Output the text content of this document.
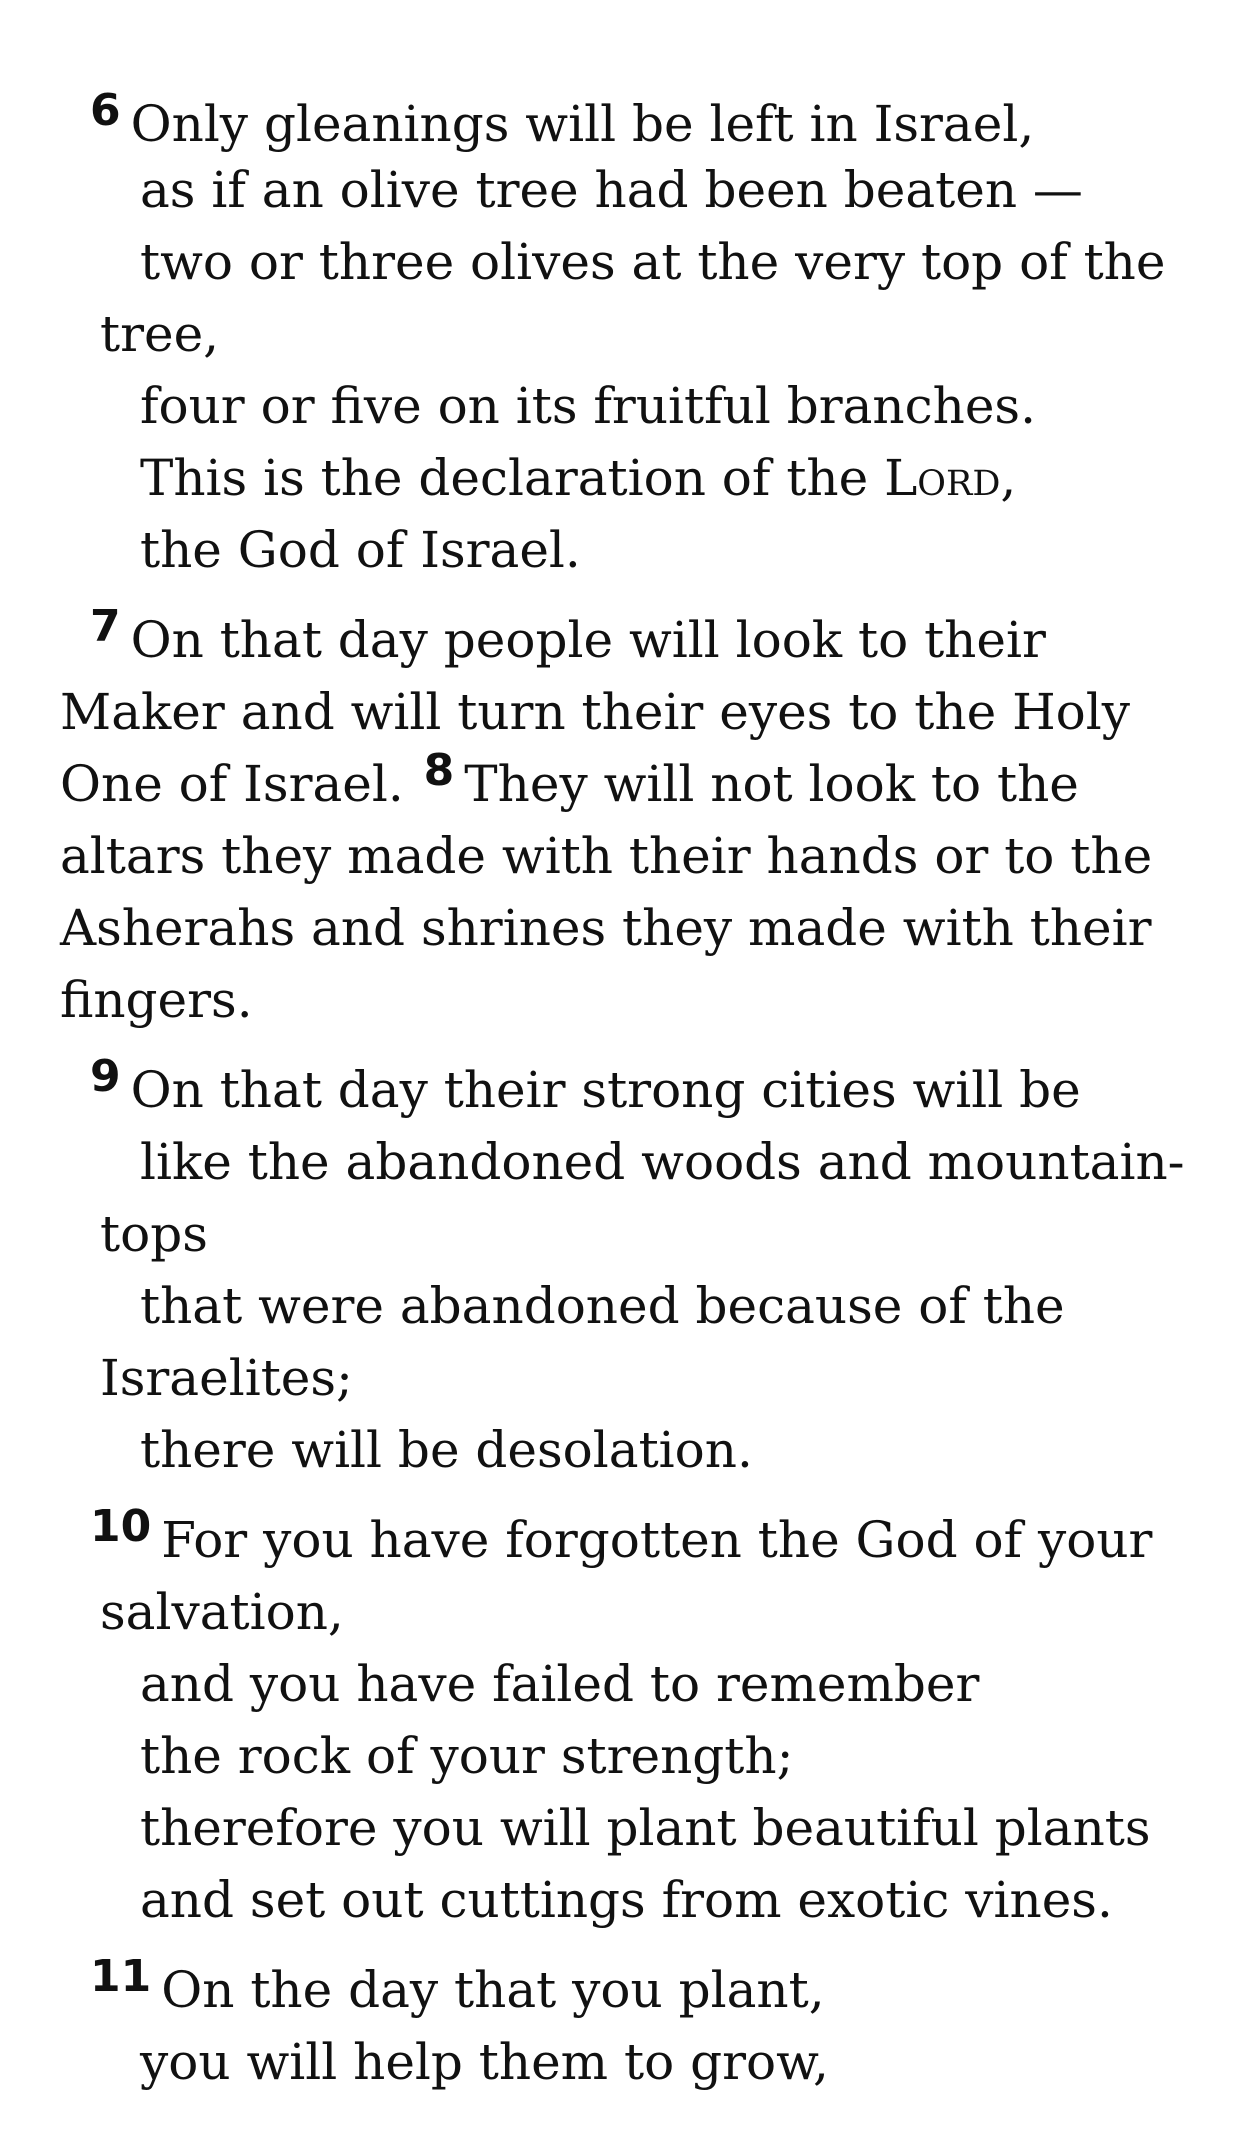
6 Only gleanings will be left in Israel,
as if an olive tree had been beaten —
two or three olives at the very top of the
tree,
four or five on its fruitful branches.
This is the declaration of the Lord,
the God of Israel.
7 On that day people will look to their
Maker and will turn their eyes to the Holy
One of Israel. 8 They will not look to the
altars they made with their hands or to the
Asherahs and shrines they made with their
fingers.
9 On that day their strong cities will be
like the abandoned woods and mountain-
tops
that were abandoned because of the
Israelites;
there will be desolation.
10 For you have forgotten the God of your
salvation,
and you have failed to remember
the rock of your strength;
therefore you will plant beautiful plants
and set out cuttings from exotic vines.
11 On the day that you plant,
you will help them to grow,
